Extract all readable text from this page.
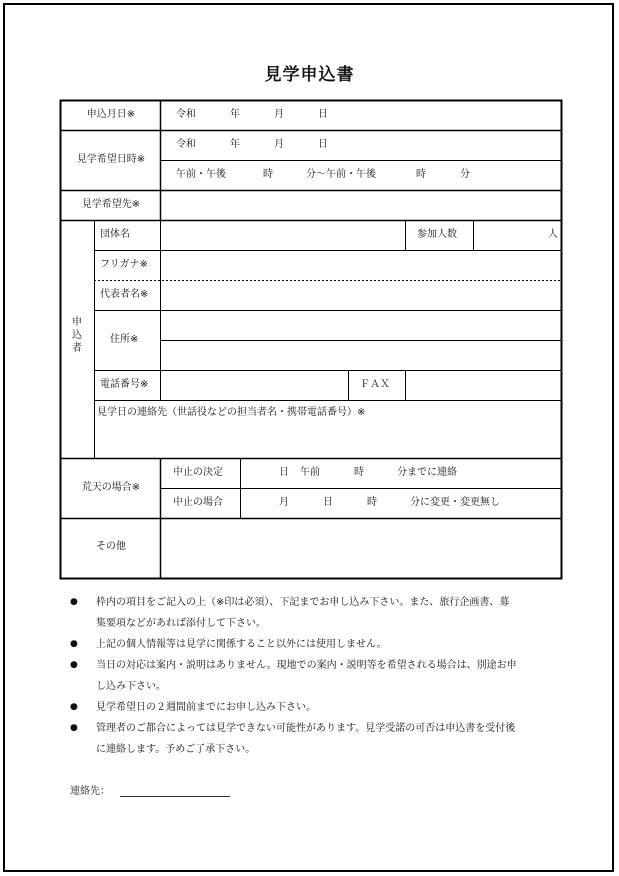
見学申込書
申込月日※	令和	年	月	日
見学希望日時※
令和	年	月	日
午前・午後	時	分〜午前・午後	時	分
見学希望先※
申
込
者
団体名	参加人数	人
フリガナ※
代表者名※
住所※
電話番号※	ＦＡＸ
見学日の連絡先（世話役などの担当者名・携帯電話番号）※
荒天の場合※
中止の決定	日 午前	時	分までに連絡
中止の場合	月	日	時	分に変更・変更無し
その他
● 枠内の項目をご記入の上（※印は必須）、下記までお申し込み下さい。また、旅行企画書、募
集要項などがあれば添付して下さい。
● 上記の個人情報等は見学に関係すること以外には使用しません。
● 当日の対応は案内・説明はありません。現地での案内・説明等を希望される場合は、別途お申
し込み下さい。
● 見学希望日の２週間前までにお申し込み下さい。
● 管理者のご都合によっては見学できない可能性があります。見学受諾の可否は申込書を受付後
に連絡します。予めご了承下さい。
連絡先：
